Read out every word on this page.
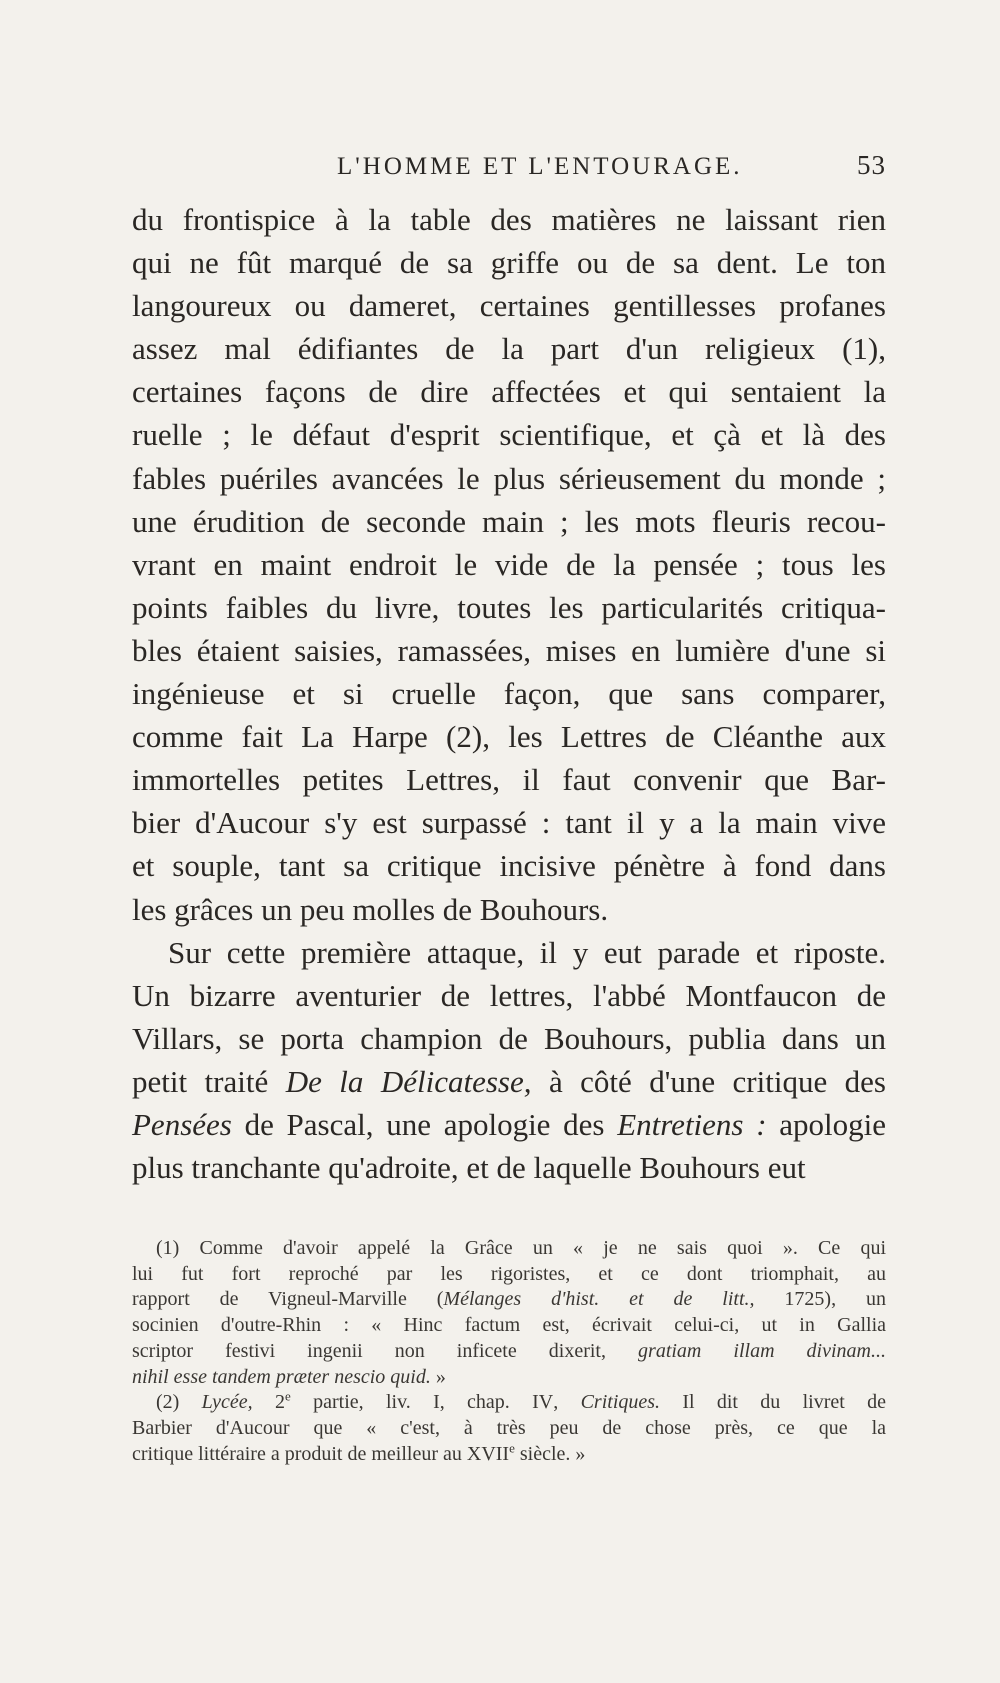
L'HOMME ET L'ENTOURAGE.	53

du frontispice à la table des matières ne laissant rien
qui ne fût marqué de sa griffe ou de sa dent. Le ton
langoureux ou dameret, certaines gentillesses profanes
assez mal édifiantes de la part d'un religieux (1),
certaines façons de dire affectées et qui sentaient la
ruelle ; le défaut d'esprit scientifique, et çà et là des
fables puériles avancées le plus sérieusement du monde ;
une érudition de seconde main ; les mots fleuris recou-
vrant en maint endroit le vide de la pensée ; tous les
points faibles du livre, toutes les particularités critiqua-
bles étaient saisies, ramassées, mises en lumière d'une si
ingénieuse et si cruelle façon, que sans comparer,
comme fait La Harpe (2), les Lettres de Cléanthe aux
immortelles petites Lettres, il faut convenir que Bar-
bier d'Aucour s'y est surpassé : tant il y a la main vive
et souple, tant sa critique incisive pénètre à fond dans
les grâces un peu molles de Bouhours.

Sur cette première attaque, il y eut parade et riposte.
Un bizarre aventurier de lettres, l'abbé Montfaucon de
Villars, se porta champion de Bouhours, publia dans un
petit traité De la Délicatesse, à côté d'une critique des
Pensées de Pascal, une apologie des Entretiens : apologie
plus tranchante qu'adroite, et de laquelle Bouhours eut

(1) Comme d'avoir appelé la Grâce un « je ne sais quoi ». Ce qui
lui fut fort reproché par les rigoristes, et ce dont triomphait, au
rapport de Vigneul-Marville (Mélanges d'hist. et de litt., 1725), un
socinien d'outre-Rhin : « Hinc factum est, écrivait celui-ci, ut in Gallia
scriptor festivi ingenii non inficete dixerit, gratiam illam divinam...
nihil esse tandem præter nescio quid. »

(2) Lycée, 2e partie, liv. I, chap. IV, Critiques. Il dit du livret de
Barbier d'Aucour que « c'est, à très peu de chose près, ce que la
critique littéraire a produit de meilleur au XVIIe siècle. »
